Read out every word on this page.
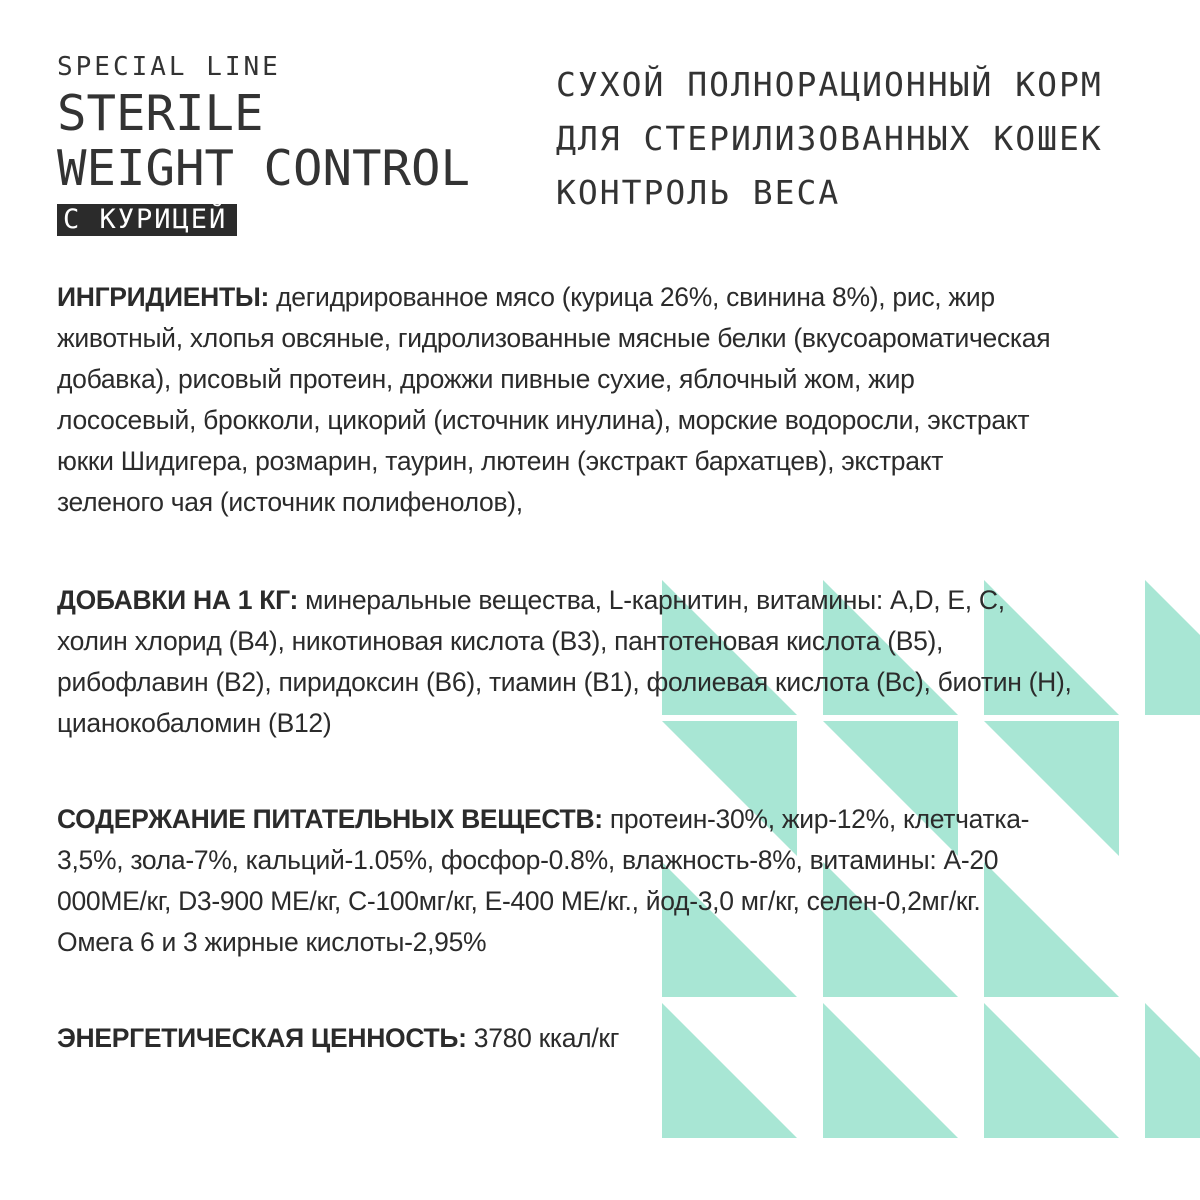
SPECIAL LINE
STERILE
WEIGHT CONTROL
С КУРИЦЕЙ
СУХОЙ ПОЛНОРАЦИОННЫЙ КОРМ
ДЛЯ СТЕРИЛИЗОВАННЫХ КОШЕК
КОНТРОЛЬ ВЕСА
ИНГРИДИЕНТЫ: дегидрированное мясо (курица 26%, свинина 8%), рис, жир
животный, хлопья овсяные, гидролизованные мясные белки (вкусоароматическая
добавка), рисовый протеин, дрожжи пивные сухие, яблочный жом, жир
лососевый, брокколи, цикорий (источник инулина), морские водоросли, экстракт
юкки Шидигера, розмарин, таурин, лютеин (экстракт бархатцев), экстракт
зеленого чая (источник полифенолов),
ДОБАВКИ НА 1 КГ: минеральные вещества, L-карнитин, витамины: A,D, E, C,
холин хлорид (B4), никотиновая кислота (B3), пантотеновая кислота (B5),
рибофлавин (B2), пиридоксин (B6), тиамин (B1), фолиевая кислота (Bc), биотин (H),
цианокобаломин (B12)
СОДЕРЖАНИЕ ПИТАТЕЛЬНЫХ ВЕЩЕСТВ: протеин-30%, жир-12%, клетчатка-
3,5%, зола-7%, кальций-1.05%, фосфор-0.8%, влажность-8%, витамины: A-20
000МЕ/кг, D3-900 МЕ/кг, C-100мг/кг, E-400 МЕ/кг., йод-3,0 мг/кг, селен-0,2мг/кг.
Омега 6 и 3 жирные кислоты-2,95%
ЭНЕРГЕТИЧЕСКАЯ ЦЕННОСТЬ: 3780 ккал/кг
